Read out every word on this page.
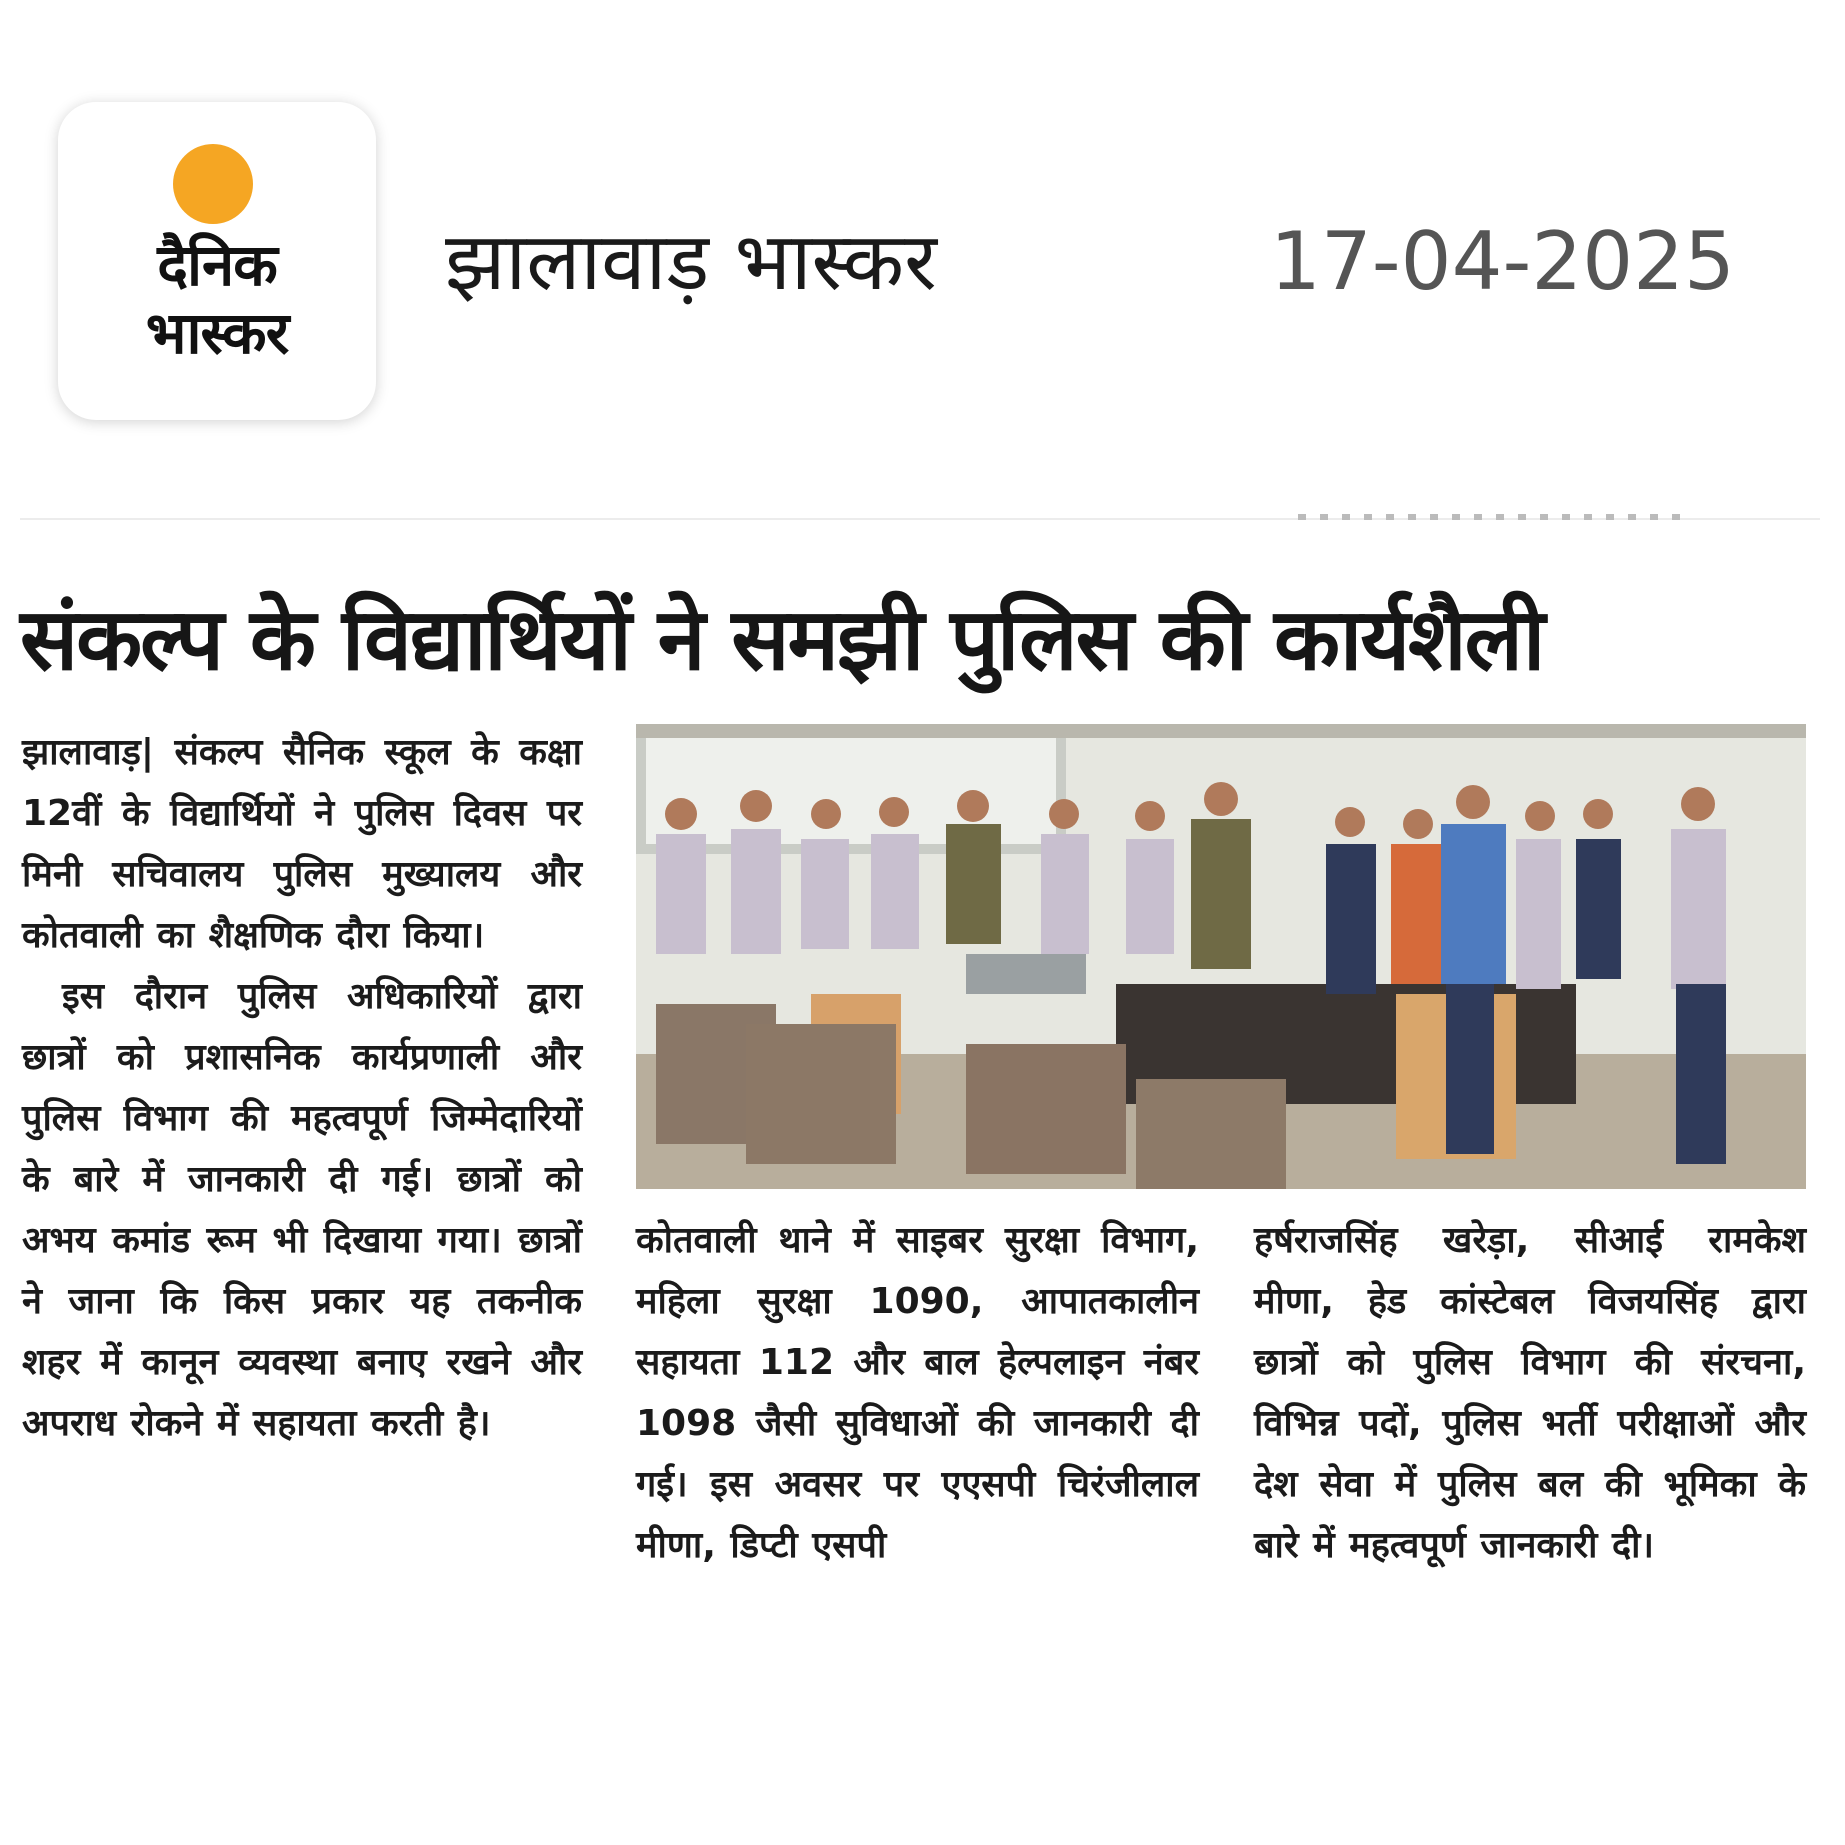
दैनिक
भास्कर
झालावाड़ भास्कर	17-04-2025
संकल्प के विद्यार्थियों ने समझी पुलिस की कार्यशैली

झालावाड़| संकल्प सैनिक स्कूल के कक्षा 12वीं के विद्यार्थियों ने पुलिस दिवस पर मिनी सचिवालय पुलिस मुख्यालय और कोतवाली का शैक्षणिक दौरा किया।

इस दौरान पुलिस अधिकारियों द्वारा छात्रों को प्रशासनिक कार्यप्रणाली और पुलिस विभाग की महत्वपूर्ण जिम्मेदारियों के बारे में जानकारी दी गई। छात्रों को अभय कमांड रूम भी दिखाया गया। छात्रों ने जाना कि किस प्रकार यह तकनीक शहर में कानून व्यवस्था बनाए रखने और अपराध रोकने में सहायता करती है।

कोतवाली थाने में साइबर सुरक्षा विभाग, महिला सुरक्षा 1090, आपातकालीन सहायता 112 और बाल हेल्पलाइन नंबर 1098 जैसी सुविधाओं की जानकारी दी गई। इस अवसर पर एएसपी चिरंजीलाल मीणा, डिप्टी एसपी

हर्षराजसिंह खरेड़ा, सीआई रामकेश मीणा, हेड कांस्टेबल विजयसिंह द्वारा छात्रों को पुलिस विभाग की संरचना, विभिन्न पदों, पुलिस भर्ती परीक्षाओं और देश सेवा में पुलिस बल की भूमिका के बारे में महत्वपूर्ण जानकारी दी।
